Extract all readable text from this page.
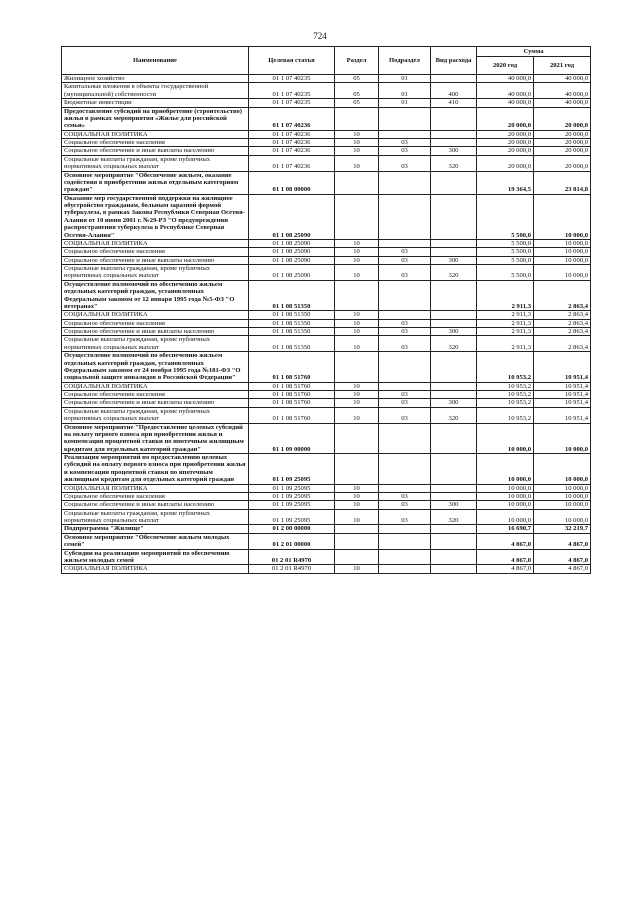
724
Наименование	Целевая статья	Раздел	Подраздел	Вид расхода	Сумма	
					2020 год	2021 год
Жилищное хозяйство	01 1 07 40235	05	01		40 000,0	40 000,0
Капитальные вложения в объекты государственной (муниципальной) собственности	01 1 07 40235	05	01	400	40 000,0	40 000,0
Бюджетные инвестиции	01 1 07 40235	05	01	410	40 000,0	40 000,0
Предоставление субсидий на приобретение (строительство) жилья в рамках мероприятия «Жилье для российской семьи»	01 1 07 40236				20 000,0	20 000,0
СОЦИАЛЬНАЯ ПОЛИТИКА	01 1 07 40236	10			20 000,0	20 000,0
Социальное обеспечение населения	01 1 07 40236	10	03		20 000,0	20 000,0
Социальное обеспечение и иные выплаты населению	01 1 07 40236	10	03	300	20 000,0	20 000,0
Социальные выплаты гражданам, кроме публичных нормативных социальных выплат	01 1 07 40236	10	03	320	20 000,0	20 000,0
Основное мероприятие "Обеспечение жильем, оказание содействия в приобретении жилья отдельным категориям граждан"	01 1 08 00000				19 364,5	23 814,8
Оказание мер государственной поддержки на жилищное обустройство гражданам, больным заразной формой туберкулеза, в рамках Закона Республики Северная Осетия-Алания от 10 июня 2001 г. №29-РЗ "О предупреждении распространения туберкулеза в Республике Северная Осетия-Алания"	01 1 08 25090				5 500,0	10 000,0
СОЦИАЛЬНАЯ ПОЛИТИКА	01 1 08 25090	10			5 500,0	10 000,0
Социальное обеспечение населения	01 1 08 25090	10	03		5 500,0	10 000,0
Социальное обеспечение и иные выплаты населению	01 1 08 25090	10	03	300	5 500,0	10 000,0
Социальные выплаты гражданам, кроме публичных нормативных социальных выплат	01 1 08 25090	10	03	320	5 500,0	10 000,0
Осуществление полномочий по обеспечению жильем отдельных категорий граждан, установленных Федеральным законом от 12 января 1995 года №5-ФЗ "О ветеранах"	01 1 08 51350				2 911,3	2 863,4
СОЦИАЛЬНАЯ ПОЛИТИКА	01 1 08 51350	10			2 911,3	2 863,4
Социальное обеспечение населения	01 1 08 51350	10	03		2 911,3	2 863,4
Социальное обеспечение и иные выплаты населению	01 1 08 51350	10	03	300	2 911,3	2 863,4
Социальные выплаты гражданам, кроме публичных нормативных социальных выплат	01 1 08 51350	10	03	320	2 911,3	2 863,4
Осуществление полномочий по обеспечению жильем отдельных категорий граждан, установленных Федеральным законом от 24 ноября 1995 года №181-ФЗ "О социальной защите инвалидов в Российской Федерации"	01 1 08 51760				10 953,2	10 951,4
СОЦИАЛЬНАЯ ПОЛИТИКА	01 1 08 51760	10			10 953,2	10 951,4
Социальное обеспечение населения	01 1 08 51760	10	03		10 953,2	10 951,4
Социальное обеспечение и иные выплаты населению	01 1 08 51760	10	03	300	10 953,2	10 951,4
Социальные выплаты гражданам, кроме публичных нормативных социальных выплат	01 1 08 51760	10	03	320	10 953,2	10 951,4
Основное мероприятие "Предоставление целевых субсидий на оплату первого взноса при приобретении жилья и компенсация процентной ставки по ипотечным жилищным кредитам для отдельных категорий граждан"	01 1 09 00000				10 000,0	10 000,0
Реализация мероприятий по предоставлению целевых субсидий на оплату первого взноса при приобретении жилья и компенсации процентной ставки по ипотечным жилищным кредитам для отдельных категорий граждан	01 1 09 25095				10 000,0	10 000,0
СОЦИАЛЬНАЯ ПОЛИТИКА	01 1 09 25095	10			10 000,0	10 000,0
Социальное обеспечение населения	01 1 09 25095	10	03		10 000,0	10 000,0
Социальное обеспечение и иные выплаты населению	01 1 09 25095	10	03	300	10 000,0	10 000,0
Социальные выплаты гражданам, кроме публичных нормативных социальных выплат	01 1 09 25095	10	03	320	10 000,0	10 000,0
Подпрограмма "Жилище"	01 2 00 00000				16 690,7	32 219,7
Основное мероприятие "Обеспечение жильем молодых семей"	01 2 01 00000				4 867,0	4 867,0
Субсидии на реализацию мероприятий по обеспечению жильем молодых семей	01 2 01 R4970				4 867,0	4 867,0
СОЦИАЛЬНАЯ ПОЛИТИКА	01 2 01 R4970	10			4 867,0	4 867,0
